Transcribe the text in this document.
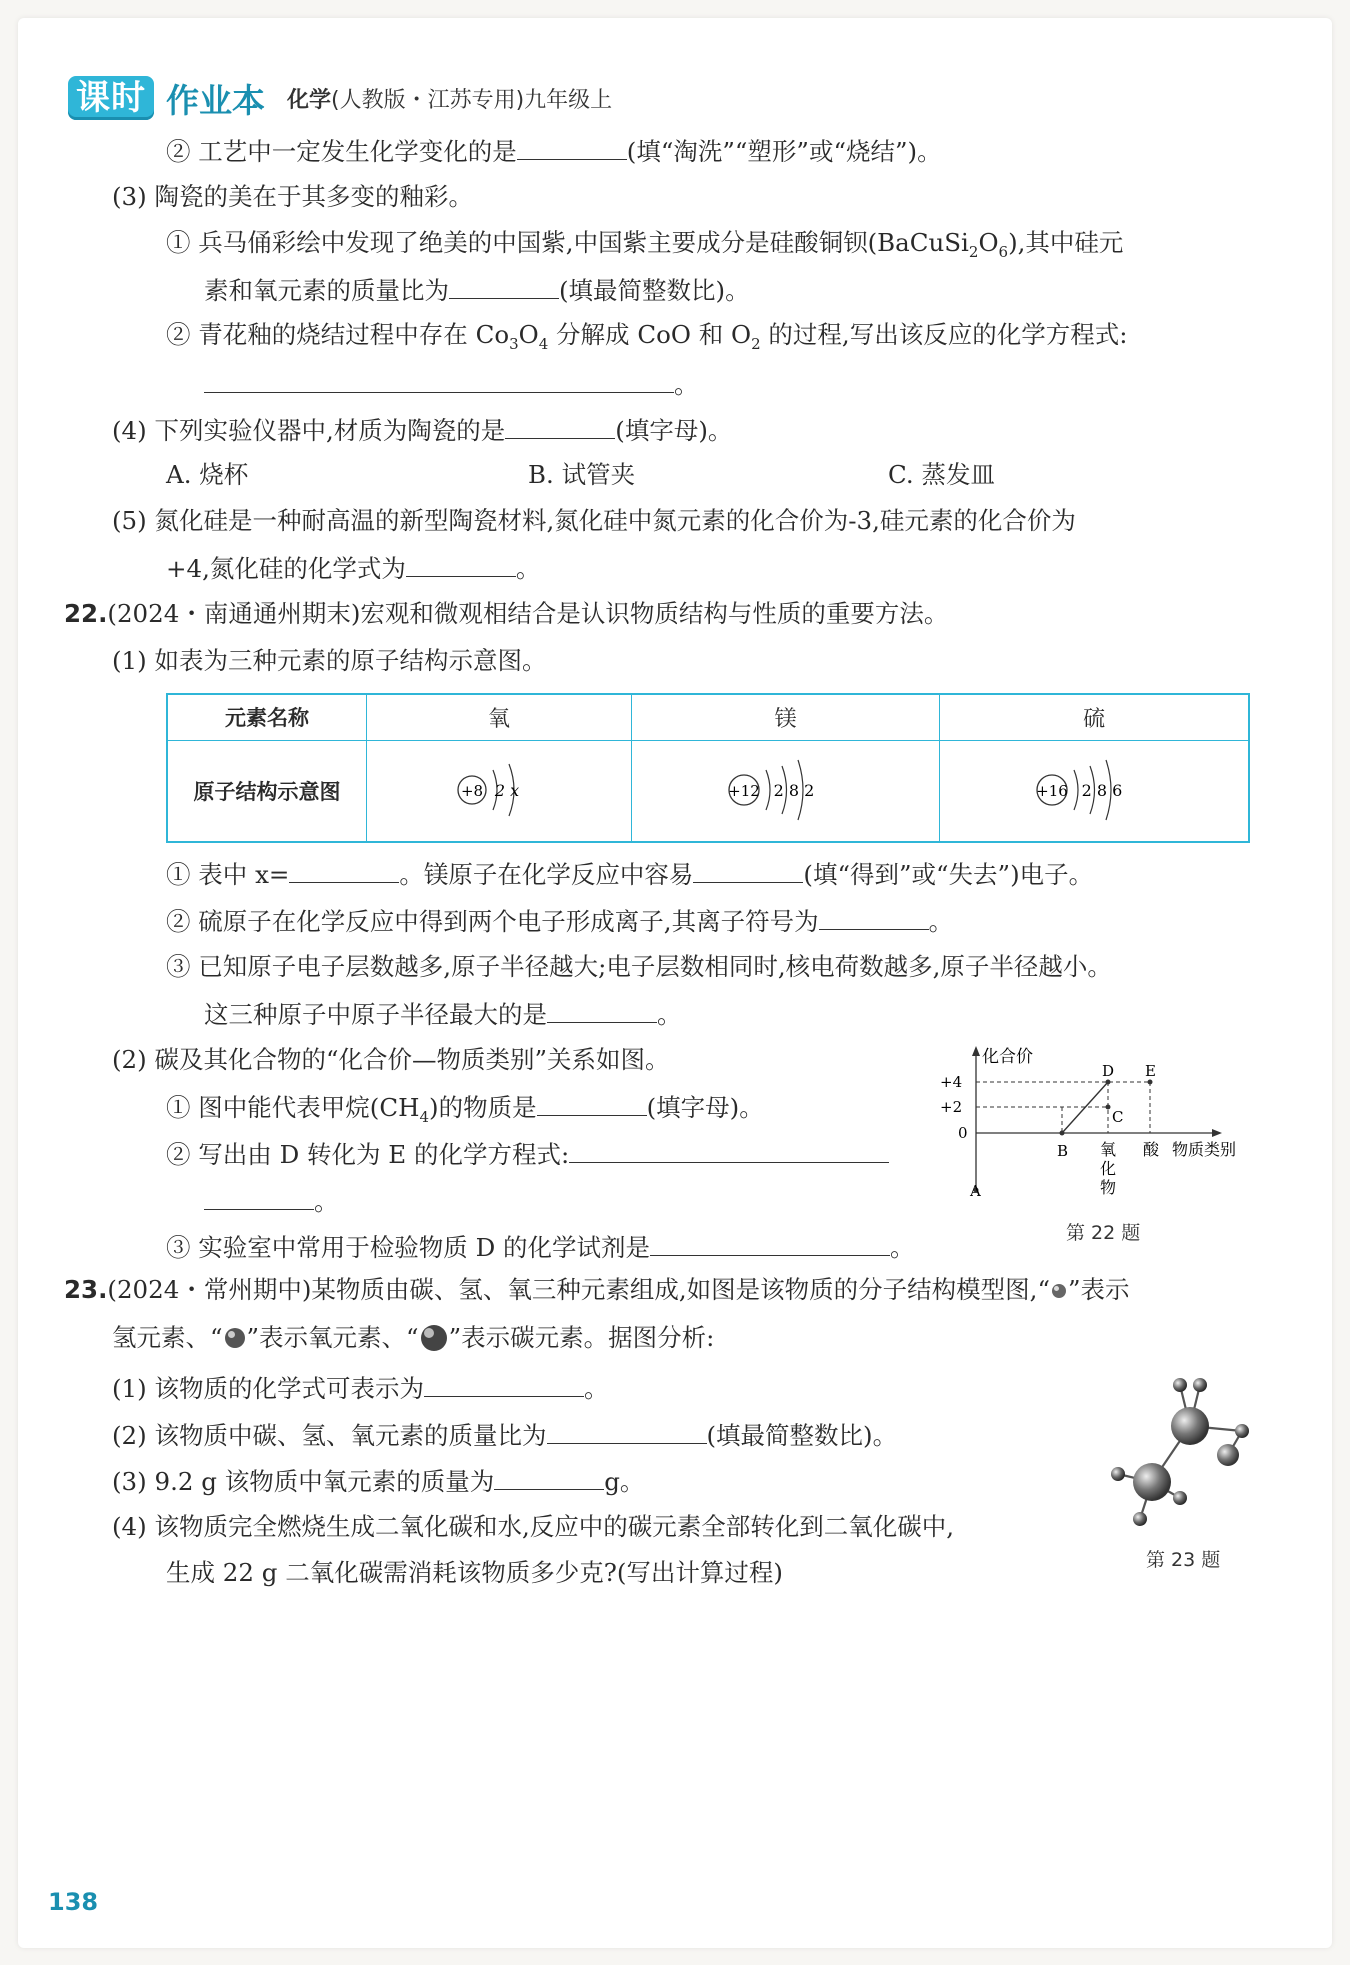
课时 作业本 化学(人教版・江苏专用)九年级上
② 工艺中一定发生化学变化的是	(填“淘洗”“塑形”或“烧结”)。
(3) 陶瓷的美在于其多变的釉彩。
① 兵马俑彩绘中发现了绝美的中国紫,中国紫主要成分是硅酸铜钡$(BaCuSi_2O_6)$,其中硅元
素和氧元素的质量比为	(填最简整数比)。
② 青花釉的烧结过程中存在 $Co_3O_4$ 分解成 CoO 和 $O_2$ 的过程,写出该反应的化学方程式:
。
(4) 下列实验仪器中,材质为陶瓷的是	(填字母)。
A. 烧杯	B. 试管夹	C. 蒸发皿
(5) 氮化硅是一种耐高温的新型陶瓷材料,氮化硅中氮元素的化合价为-3,硅元素的化合价为
+4,氮化硅的化学式为	。
22.(2024・南通通州期末)宏观和微观相结合是认识物质结构与性质的重要方法。
(1) 如表为三种元素的原子结构示意图。
元素名称	氧	镁	硫
原子结构示意图	+8 2 x	+12 2 8 2	+16 2 8 6
① 表中 x=	。镁原子在化学反应中容易	(填“得到”或“失去”)电子。
② 硫原子在化学反应中得到两个电子形成离子,其离子符号为	。
③ 已知原子电子层数越多,原子半径越大;电子层数相同时,核电荷数越多,原子半径越小。
这三种原子中原子半径最大的是	。
(2) 碳及其化合物的“化合价—物质类别”关系如图。
① 图中能代表甲烷$(CH_4)$的物质是	(填字母)。
② 写出由 D 转化为 E 的化学方程式:
。
③ 实验室中常用于检验物质 D 的化学试剂是	。
化合价
+4
+2
0
A
B
C
D E
氧
化
物
酸 物质类别
第 22 题
23.(2024・常州期中)某物质由碳、氢、氧三种元素组成,如图是该物质的分子结构模型图,“ ”表示
氢元素、“ ”表示氧元素、“ ”表示碳元素。据图分析:
(1) 该物质的化学式可表示为	。
(2) 该物质中碳、氢、氧元素的质量比为	(填最简整数比)。
(3) 9.2 g 该物质中氧元素的质量为	g。
(4) 该物质完全燃烧生成二氧化碳和水,反应中的碳元素全部转化到二氧化碳中,
生成 22 g 二氧化碳需消耗该物质多少克?(写出计算过程)	第 23 题
138
